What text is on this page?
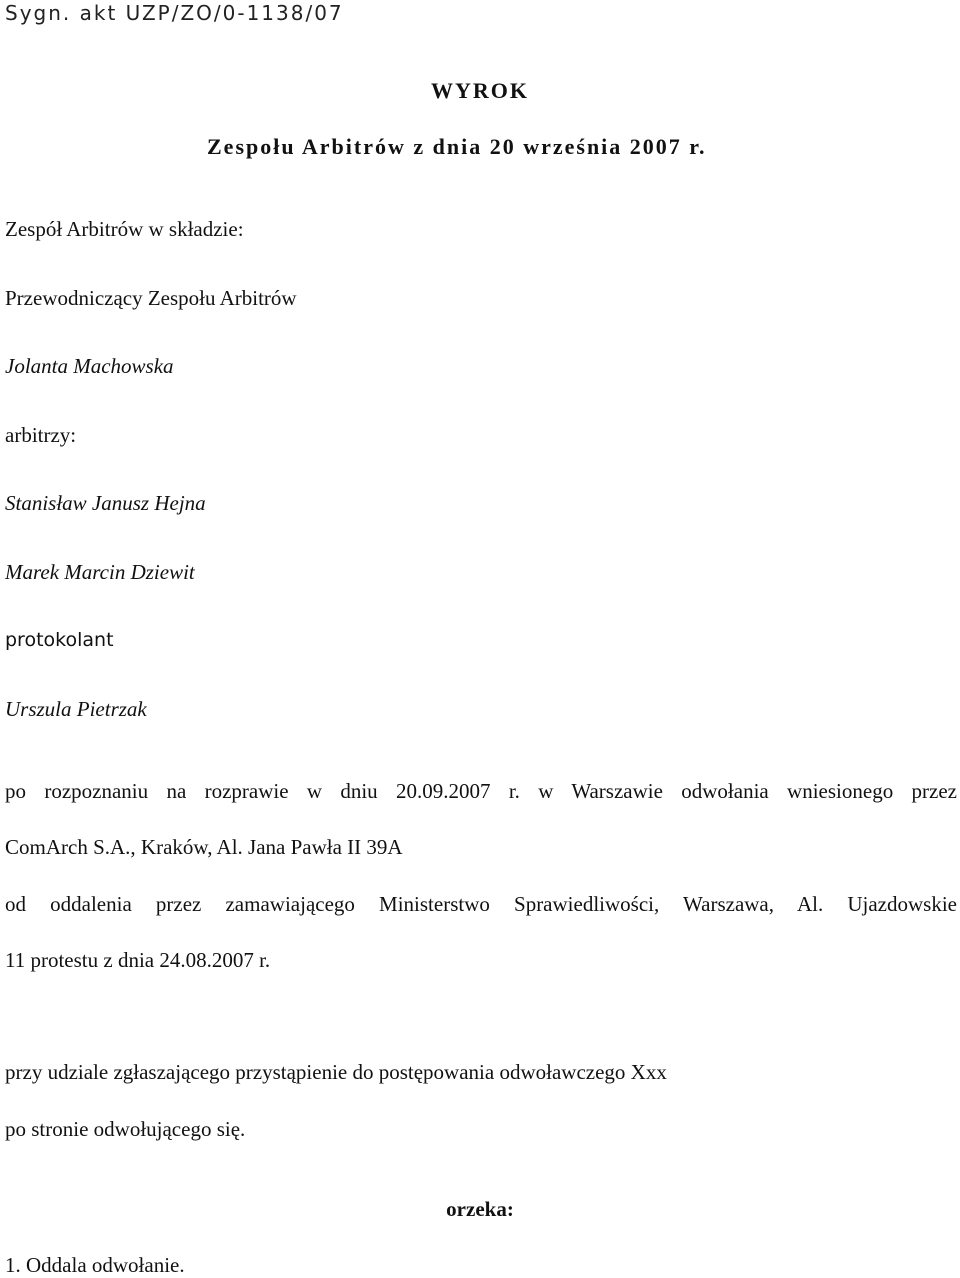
Sygn. akt UZP/ZO/0-1138/07
WYROK
Zespołu Arbitrów z dnia 20 września 2007 r.
Zespół Arbitrów w składzie:
Przewodniczący Zespołu Arbitrów
Jolanta Machowska
arbitrzy:
Stanisław Janusz Hejna
Marek Marcin Dziewit
protokolant
Urszula Pietrzak
po rozpoznaniu na rozprawie w dniu 20.09.2007 r. w Warszawie odwołania wniesionego przez
ComArch S.A., Kraków, Al. Jana Pawła II 39A
od oddalenia przez zamawiającego Ministerstwo Sprawiedliwości, Warszawa, Al. Ujazdowskie
11 protestu z dnia 24.08.2007 r.
przy udziale zgłaszającego przystąpienie do postępowania odwoławczego Xxx
po stronie odwołującego się.
orzeka:
1. Oddala odwołanie.
